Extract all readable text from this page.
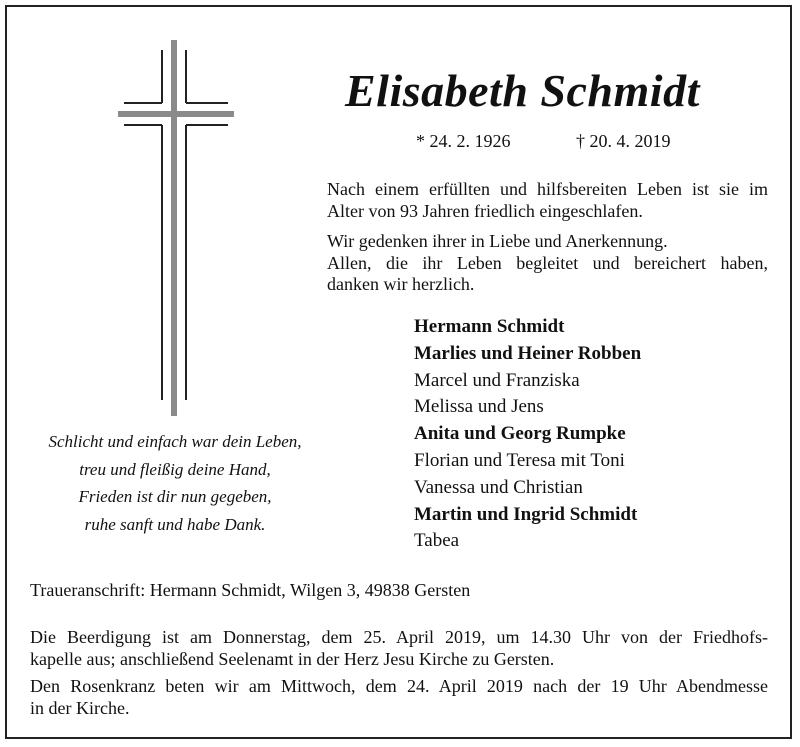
Elisabeth Schmidt
* 24. 2. 1926	† 20. 4. 2019

Nach einem erfüllten und hilfsbereiten Leben ist sie im
Alter von 93 Jahren friedlich eingeschlafen.

Wir gedenken ihrer in Liebe und Anerkennung.
Allen, die ihr Leben begleitet und bereichert haben,
danken wir herzlich.

Hermann Schmidt
Marlies und Heiner Robben
Marcel und Franziska
Melissa und Jens
Anita und Georg Rumpke
Florian und Teresa mit Toni
Vanessa und Christian
Martin und Ingrid Schmidt
Tabea

Schlicht und einfach war dein Leben,
treu und fleißig deine Hand,
Frieden ist dir nun gegeben,
ruhe sanft und habe Dank.

Traueranschrift: Hermann Schmidt, Wilgen 3, 49838 Gersten

Die Beerdigung ist am Donnerstag, dem 25. April 2019, um 14.30 Uhr von der Friedhofs-
kapelle aus; anschließend Seelenamt in der Herz Jesu Kirche zu Gersten.

Den Rosenkranz beten wir am Mittwoch, dem 24. April 2019 nach der 19 Uhr Abendmesse
in der Kirche.
